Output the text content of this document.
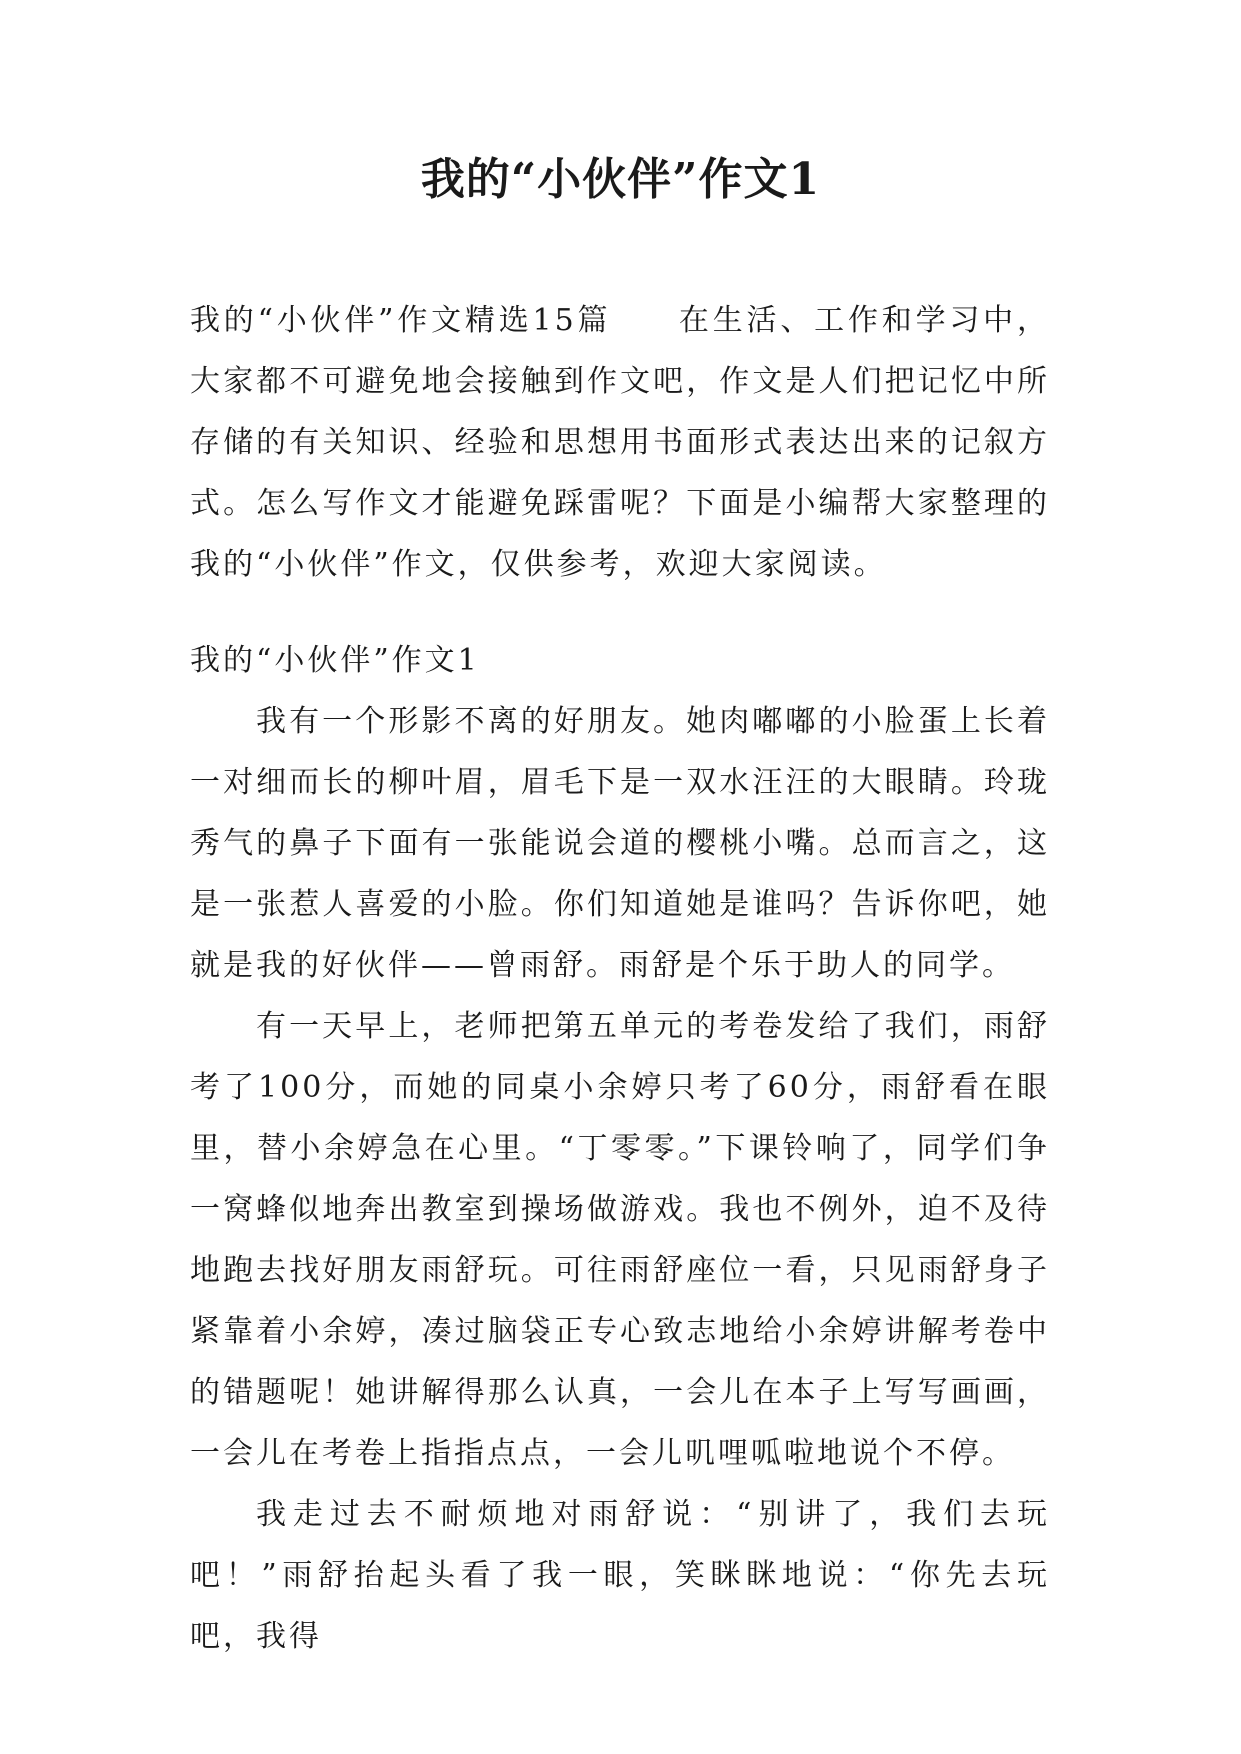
我的“小伙伴”作文1

我的“小伙伴”作文精选15篇　　在生活、工作和学习中，大家都不可避免地会接触到作文吧，作文是人们把记忆中所存储的有关知识、经验和思想用书面形式表达出来的记叙方式。怎么写作文才能避免踩雷呢？下面是小编帮大家整理的我的“小伙伴”作文，仅供参考，欢迎大家阅读。

我的“小伙伴”作文1

我有一个形影不离的好朋友。她肉嘟嘟的小脸蛋上长着一对细而长的柳叶眉，眉毛下是一双水汪汪的大眼睛。玲珑秀气的鼻子下面有一张能说会道的樱桃小嘴。总而言之，这是一张惹人喜爱的小脸。你们知道她是谁吗？告诉你吧，她就是我的好伙伴——曾雨舒。雨舒是个乐于助人的同学。

有一天早上，老师把第五单元的考卷发给了我们，雨舒考了100分，而她的同桌小余婷只考了60分，雨舒看在眼里，替小余婷急在心里。“丁零零。”下课铃响了，同学们争一窝蜂似地奔出教室到操场做游戏。我也不例外，迫不及待地跑去找好朋友雨舒玩。可往雨舒座位一看，只见雨舒身子紧靠着小余婷，凑过脑袋正专心致志地给小余婷讲解考卷中的错题呢！她讲解得那么认真，一会儿在本子上写写画画，一会儿在考卷上指指点点，一会儿叽哩呱啦地说个不停。

我走过去不耐烦地对雨舒说：“别讲了，我们去玩吧！”雨舒抬起头看了我一眼，笑眯眯地说：“你先去玩吧，我得
